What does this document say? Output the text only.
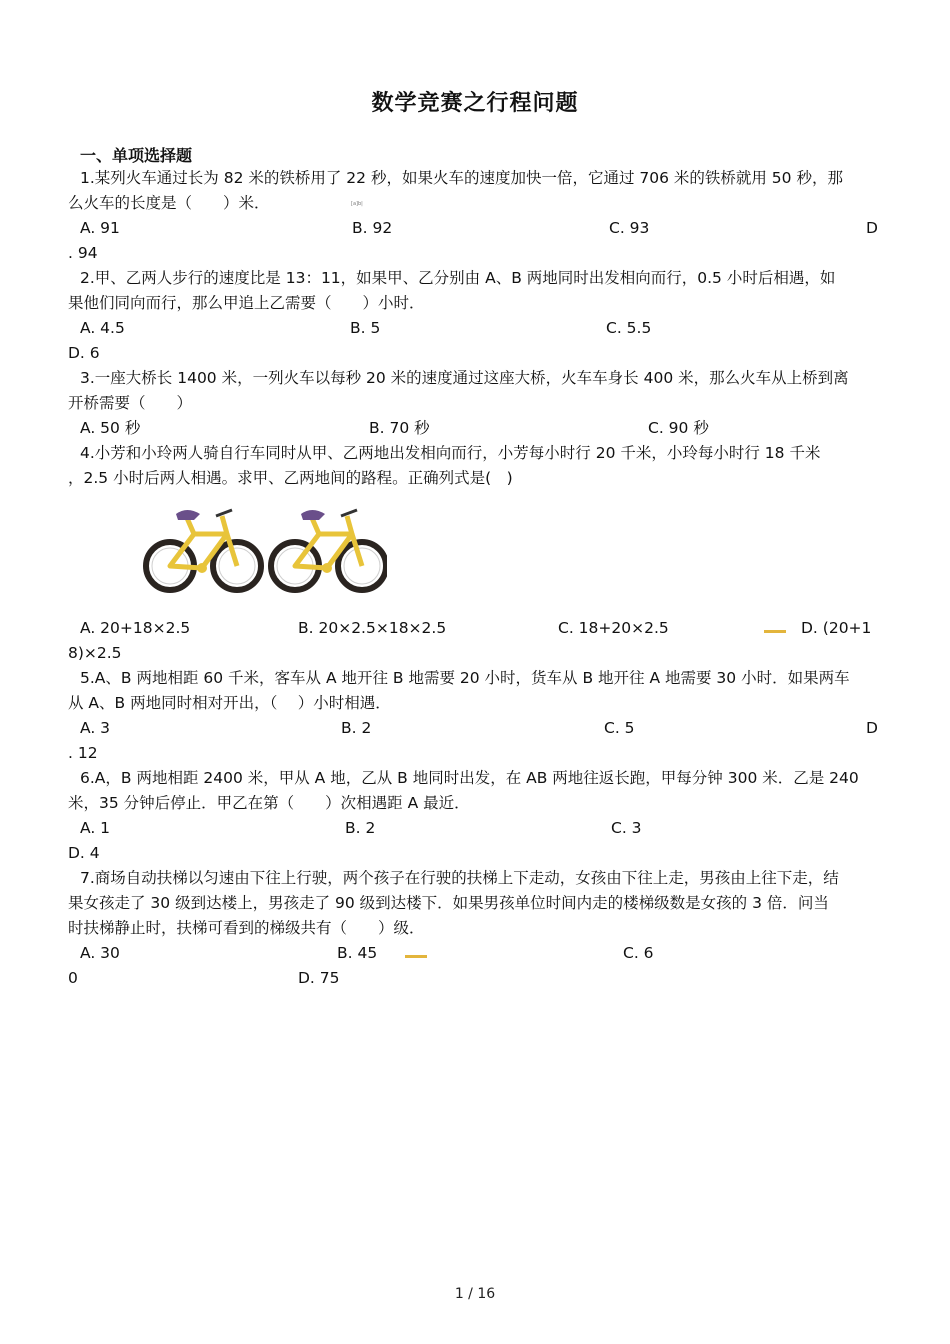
数学竞赛之行程问题
一、单项选择题
1.某列火车通过长为 82 米的铁桥用了 22 秒，如果火车的速度加快一倍，它通过 706 米的铁桥就用 50 秒，那
么火车的长度是（　　）米．	[a]b|
A. 91	B. 92	C. 93	D
. 94
2.甲、乙两人步行的速度比是 13：11，如果甲、乙分别由 A、B 两地同时出发相向而行，0.5 小时后相遇，如
果他们同向而行，那么甲追上乙需要（　　）小时．
A. 4.5	B. 5	C. 5.5
D. 6
3.一座大桥长 1400 米，一列火车以每秒 20 米的速度通过这座大桥，火车车身长 400 米，那么火车从上桥到离
开桥需要（　　）
A. 50 秒	B. 70 秒	C. 90 秒
4.小芳和小玲两人骑自行车同时从甲、乙两地出发相向而行，小芳每小时行 20 千米，小玲每小时行 18 千米
，2.5 小时后两人相遇。求甲、乙两地间的路程。正确列式是(　)
A. 20+18×2.5	B. 20×2.5×18×2.5	C. 18+20×2.5	D. (20+1
8)×2.5
5.A、B 两地相距 60 千米，客车从 A 地开往 B 地需要 20 小时，货车从 B 地开往 A 地需要 30 小时．如果两车
从 A、B 两地同时相对开出，（　 ）小时相遇．
A. 3	B. 2	C. 5	D
. 12
6.A，B 两地相距 2400 米，甲从 A 地，乙从 B 地同时出发，在 AB 两地往返长跑，甲每分钟 300 米．乙是 240
米，35 分钟后停止．甲乙在第（　　）次相遇距 A 最近．
A. 1	B. 2	C. 3
D. 4
7.商场自动扶梯以匀速由下往上行驶，两个孩子在行驶的扶梯上下走动，女孩由下往上走，男孩由上往下走，结
果女孩走了 30 级到达楼上，男孩走了 90 级到达楼下．如果男孩单位时间内走的楼梯级数是女孩的 3 倍．问当
时扶梯静止时，扶梯可看到的梯级共有（　　）级．
A. 30	B. 45	C. 6
0	D. 75
1 / 16
